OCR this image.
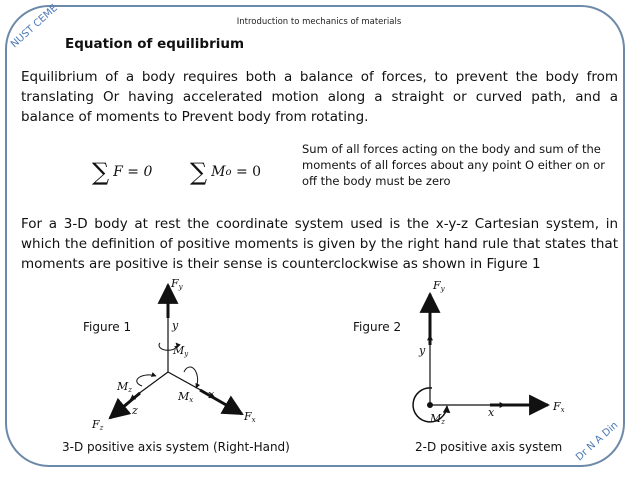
Introduction to mechanics of materials
NUST CEME
Dr N A Din
Equation of equilibrium
Equilibrium of a body requires both a balance of forces, to prevent the body from translating Or having accelerated motion along a straight or curved path, and a balance of moments to Prevent body from rotating.
∑ F = 0 ∑ M o = 0
Sum of all forces acting on the body and sum of the moments of all forces about any point O either on or off the body must be zero
For a 3-D body at rest the coordinate system used is the x-y-z Cartesian system, in which the definition of positive moments is given by the right hand rule that states that moments are positive is their sense is counterclockwise as shown in Figure 1
Figure 1	Figure 2
3-D positive axis system (Right-Hand)	2-D positive axis system
Fy
y
My
Mx x
Fx
Mz
z
Fz
Fy
y
x	Fx
Mz
